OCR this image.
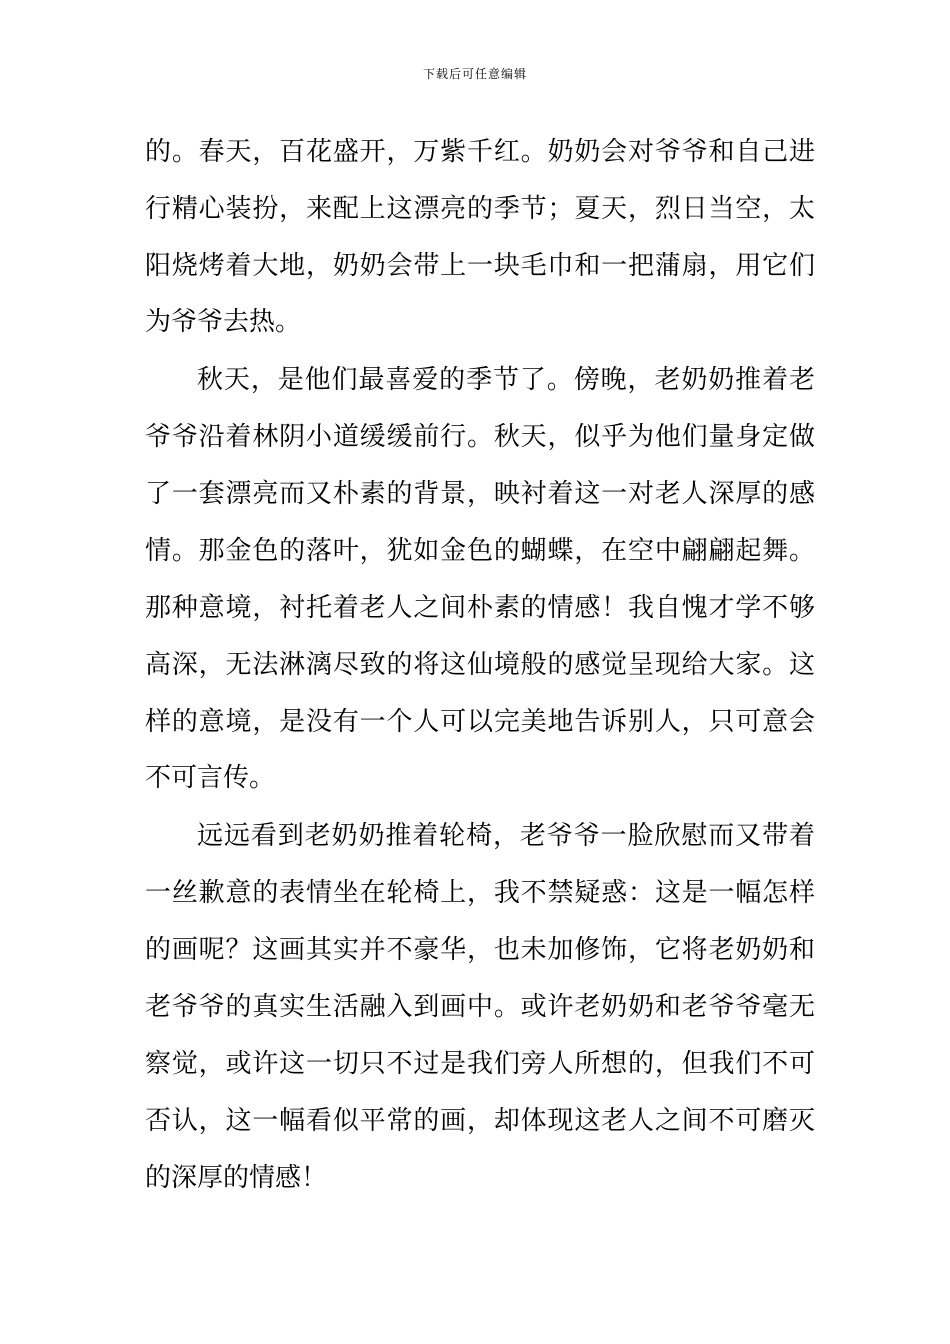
下载后可任意编辑
的。春天，百花盛开，万紫千红。奶奶会对爷爷和自己进
行精心装扮，来配上这漂亮的季节；夏天，烈日当空，太
阳烧烤着大地，奶奶会带上一块毛巾和一把蒲扇，用它们
为爷爷去热。
秋天，是他们最喜爱的季节了。傍晚，老奶奶推着老
爷爷沿着林阴小道缓缓前行。秋天，似乎为他们量身定做
了一套漂亮而又朴素的背景，映衬着这一对老人深厚的感
情。那金色的落叶，犹如金色的蝴蝶，在空中翩翩起舞。
那种意境，衬托着老人之间朴素的情感！我自愧才学不够
高深，无法淋漓尽致的将这仙境般的感觉呈现给大家。这
样的意境，是没有一个人可以完美地告诉别人，只可意会
不可言传。
远远看到老奶奶推着轮椅，老爷爷一脸欣慰而又带着
一丝歉意的表情坐在轮椅上，我不禁疑惑：这是一幅怎样
的画呢？这画其实并不豪华，也未加修饰，它将老奶奶和
老爷爷的真实生活融入到画中。或许老奶奶和老爷爷毫无
察觉，或许这一切只不过是我们旁人所想的，但我们不可
否认，这一幅看似平常的画，却体现这老人之间不可磨灭
的深厚的情感！
